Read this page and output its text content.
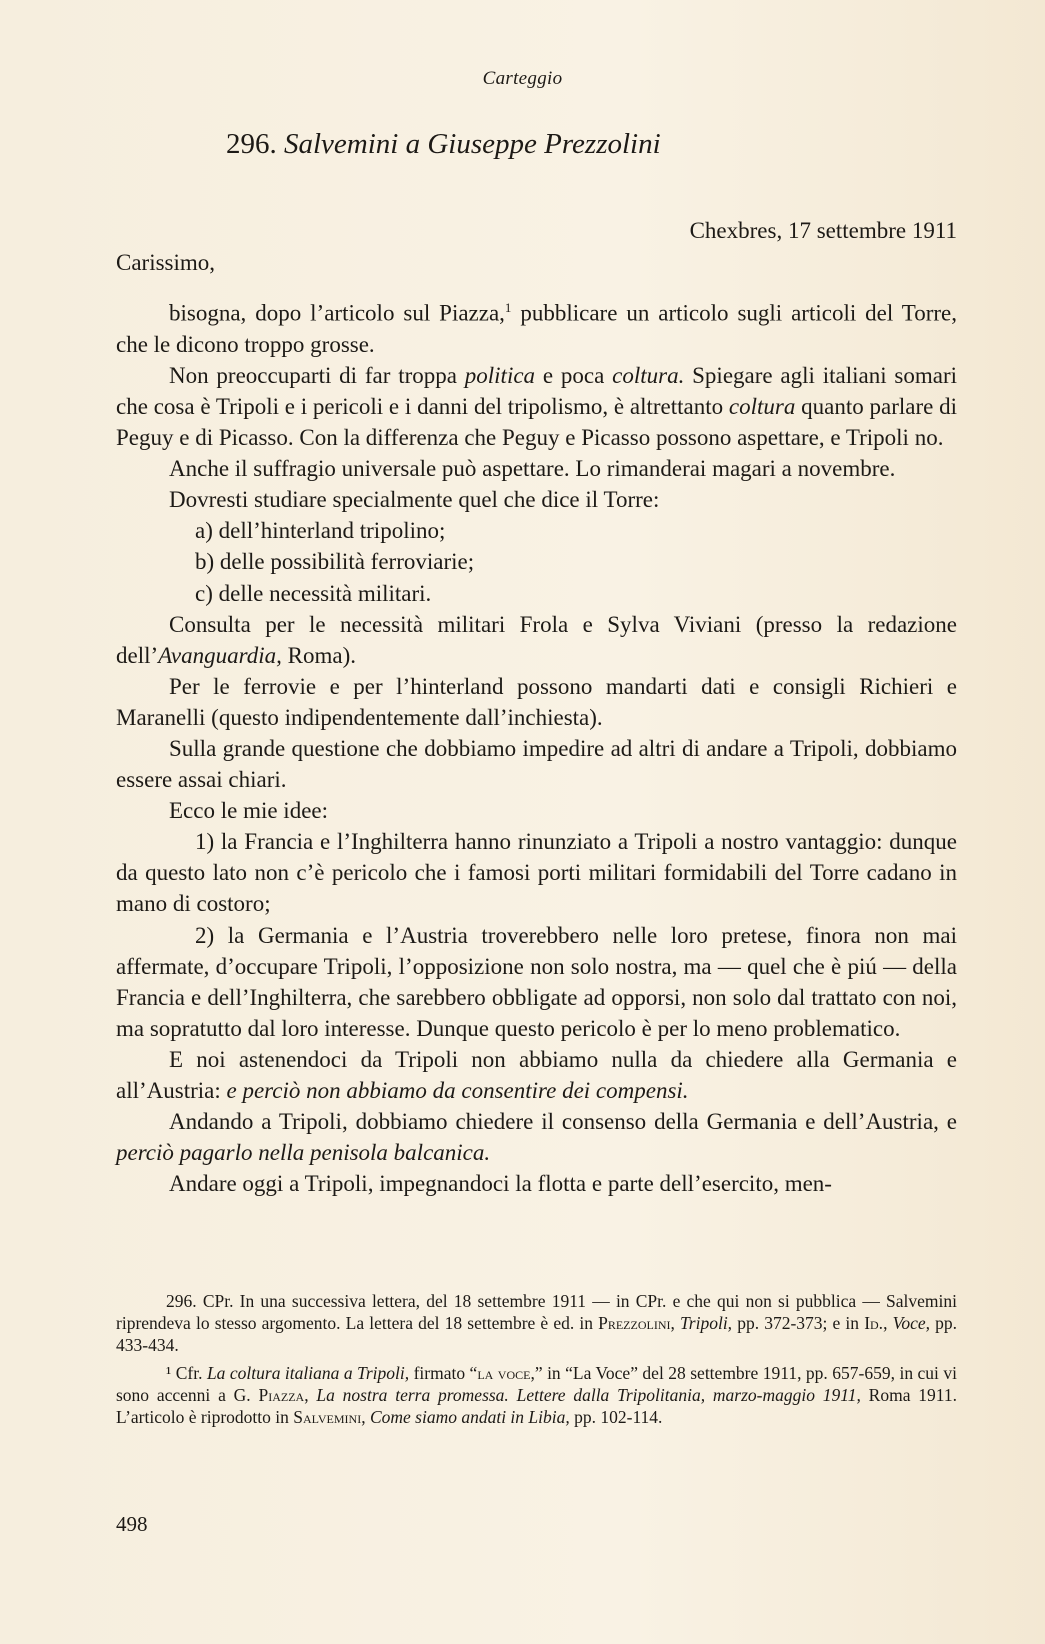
Carteggio
296. Salvemini a Giuseppe Prezzolini
Chexbres, 17 settembre 1911
Carissimo,

bisogna, dopo l’articolo sul Piazza,$^1$ pubblicare un articolo sugli articoli del Torre, che le dicono troppo grosse.

Non preoccuparti di far troppa politica e poca coltura. Spiegare agli italiani somari che cosa è Tripoli e i pericoli e i danni del tripolismo, è altrettanto coltura quanto parlare di Peguy e di Picasso. Con la differenza che Peguy e Picasso possono aspettare, e Tripoli no.

Anche il suffragio universale può aspettare. Lo rimanderai magari a novembre.

Dovresti studiare specialmente quel che dice il Torre:

a) dell’hinterland tripolino;

b) delle possibilità ferroviarie;

c) delle necessità militari.

Consulta per le necessità militari Frola e Sylva Viviani (presso la redazione dell’Avanguardia, Roma).

Per le ferrovie e per l’hinterland possono mandarti dati e consigli Richieri e Maranelli (questo indipendentemente dall’inchiesta).

Sulla grande questione che dobbiamo impedire ad altri di andare a Tripoli, dobbiamo essere assai chiari.

Ecco le mie idee:

1) la Francia e l’Inghilterra hanno rinunziato a Tripoli a nostro vantaggio: dunque da questo lato non c’è pericolo che i famosi porti militari formidabili del Torre cadano in mano di costoro;

2) la Germania e l’Austria troverebbero nelle loro pretese, finora non mai affermate, d’occupare Tripoli, l’opposizione non solo nostra, ma — quel che è piú — della Francia e dell’Inghilterra, che sarebbero obbligate ad opporsi, non solo dal trattato con noi, ma sopratutto dal loro interesse. Dunque questo pericolo è per lo meno problematico.

E noi astenendoci da Tripoli non abbiamo nulla da chiedere alla Germania e all’Austria: e perciò non abbiamo da consentire dei compensi.

Andando a Tripoli, dobbiamo chiedere il consenso della Germania e dell’Austria, e perciò pagarlo nella penisola balcanica.

Andare oggi a Tripoli, impegnandoci la flotta e parte dell’esercito, men-

296. CPr. In una successiva lettera, del 18 settembre 1911 — in CPr. e che qui non si pubblica — Salvemini riprendeva lo stesso argomento. La lettera del 18 settembre è ed. in Prezzolini, Tripoli, pp. 372-373; e in Id., Voce, pp. 433-434.

¹ Cfr. La coltura italiana a Tripoli, firmato “la voce,” in “La Voce” del 28 settembre 1911, pp. 657-659, in cui vi sono accenni a G. Piazza, La nostra terra promessa. Lettere dalla Tripolitania, marzo-maggio 1911, Roma 1911. L’articolo è riprodotto in Salvemini, Come siamo andati in Libia, pp. 102-114.

498
